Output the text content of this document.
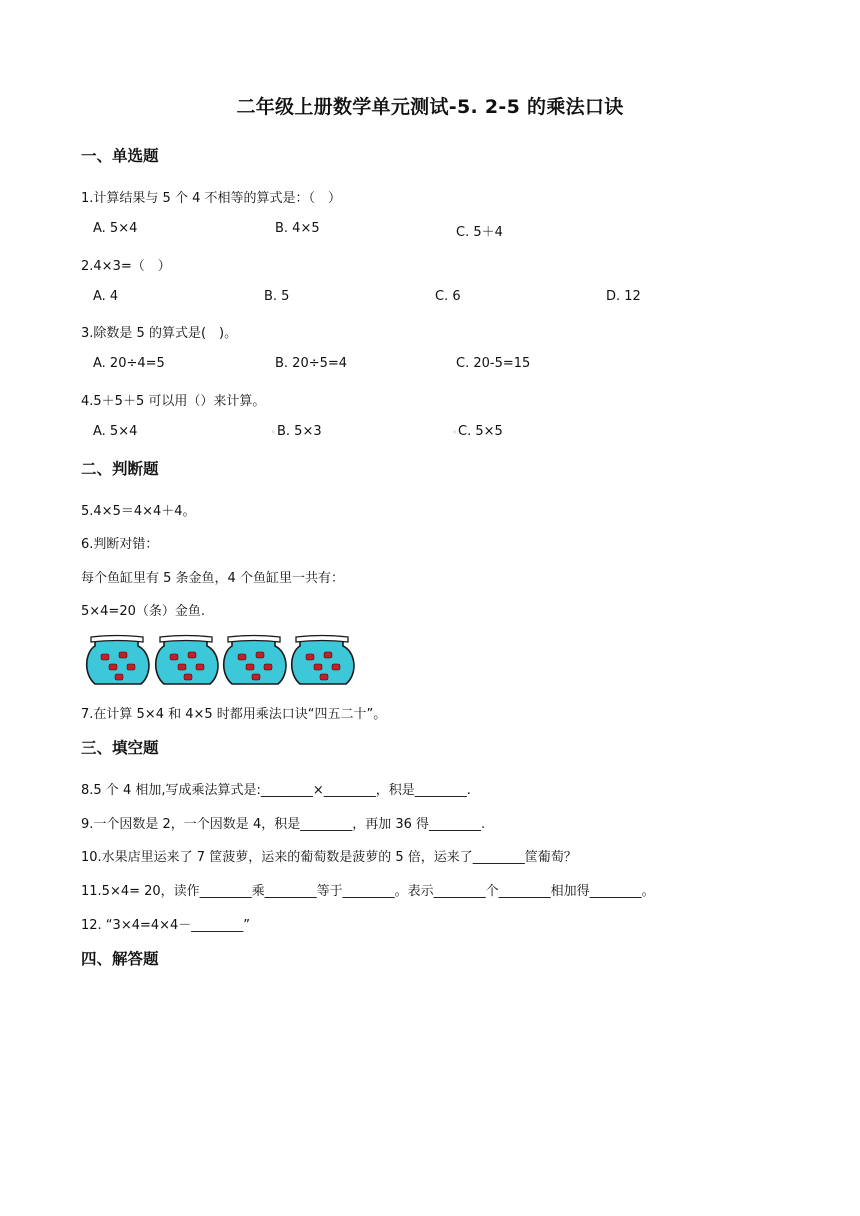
二年级上册数学单元测试-5. 2-5 的乘法口诀
一、单选题
1.计算结果与 5 个 4 不相等的算式是：（　）
A. 5×4	B. 4×5	C. 5＋4
2.4×3=（　）
A. 4	B. 5	C. 6	D. 12
3.除数是 5 的算式是(　)。
A. 20÷4=5	B. 20÷5=4	C. 20-5=15
4.5＋5＋5 可以用（）来计算。
A. 5×4	◦ B. 5×3	◦ C. 5×5
二、判断题
5.4×5＝4×4＋4。
6.判断对错：
每个鱼缸里有 5 条金鱼，4 个鱼缸里一共有：
5×4=20（条）金鱼.
7.在计算 5×4 和 4×5 时都用乘法口诀“四五二十”。
三、填空题
8.5 个 4 相加,写成乘法算式是:________×________，积是________.
9.一个因数是 2，一个因数是 4，积是________，再加 36 得________.
10.水果店里运来了 7 筐菠萝，运来的葡萄数是菠萝的 5 倍，运来了________筐葡萄？
11.5×4= 20，读作________乘________等于________。表示________个________相加得________。
12. “3×4=4×4－________”
四、解答题
